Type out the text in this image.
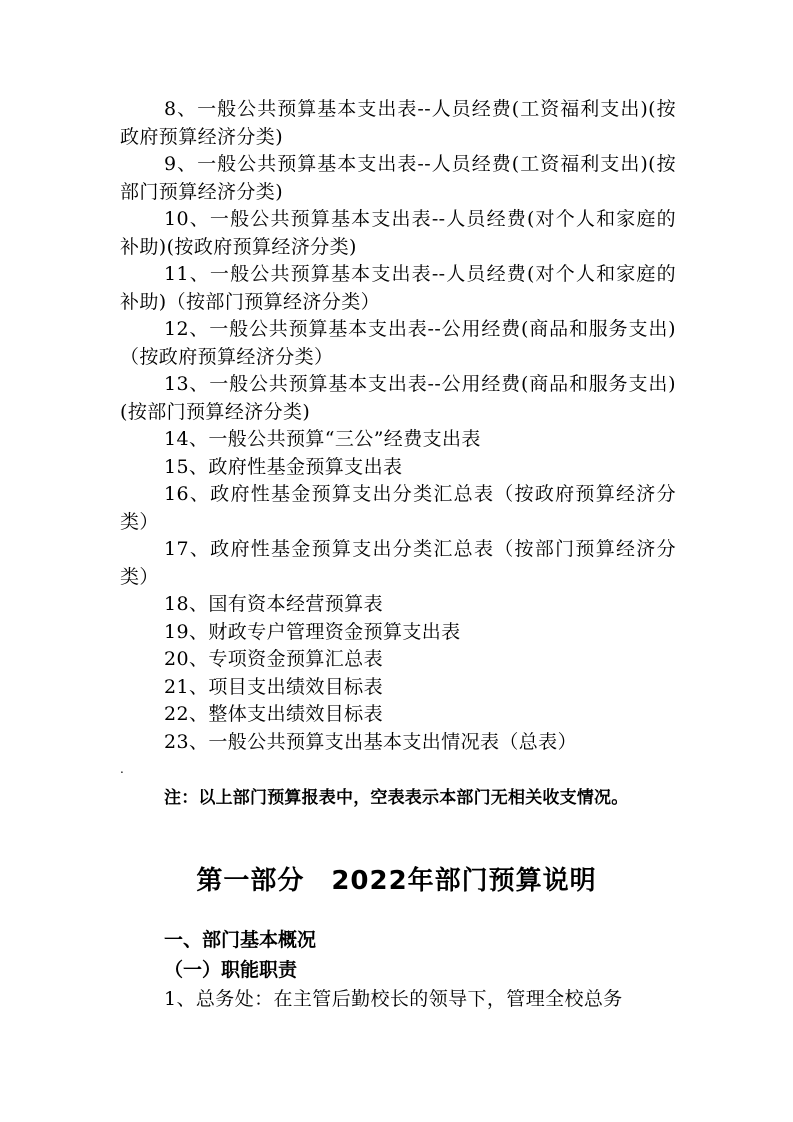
8、一般公共预算基本支出表--人员经费(工资福利支出)(按政府预算经济分类)
9、一般公共预算基本支出表--人员经费(工资福利支出)(按部门预算经济分类)
10、一般公共预算基本支出表--人员经费(对个人和家庭的补助)(按政府预算经济分类)
11、一般公共预算基本支出表--人员经费(对个人和家庭的补助)（按部门预算经济分类）
12、一般公共预算基本支出表--公用经费(商品和服务支出)（按政府预算经济分类）
13、一般公共预算基本支出表--公用经费(商品和服务支出)(按部门预算经济分类)
14、一般公共预算“三公”经费支出表
15、政府性基金预算支出表
16、政府性基金预算支出分类汇总表（按政府预算经济分类）
17、政府性基金预算支出分类汇总表（按部门预算经济分类）
18、国有资本经营预算表
19、财政专户管理资金预算支出表
20、专项资金预算汇总表
21、项目支出绩效目标表
22、整体支出绩效目标表
23、一般公共预算支出基本支出情况表（总表）
.
注：以上部门预算报表中，空表表示本部门无相关收支情况。
第一部分　2022年部门预算说明
一、部门基本概况
（一）职能职责
1、总务处：在主管后勤校长的领导下，管理全校总务
